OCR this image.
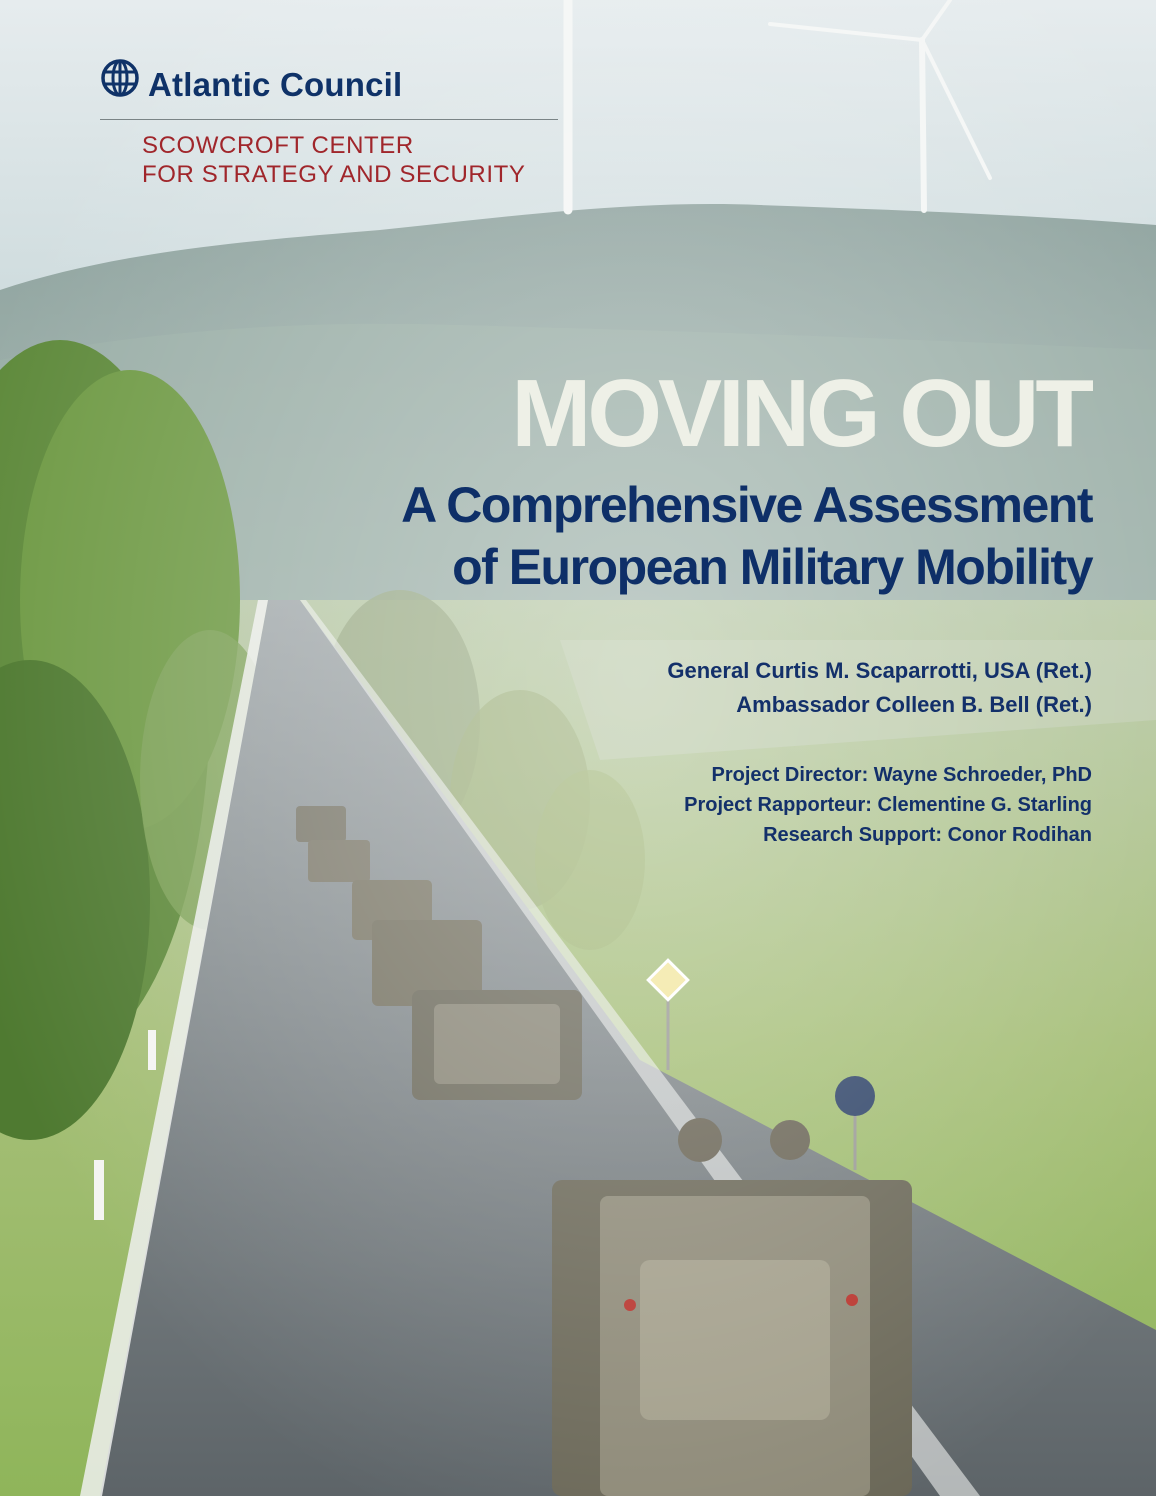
Atlantic Council
SCOWCROFT CENTER
FOR STRATEGY AND SECURITY
MOVING OUT
A Comprehensive Assessment
of European Military Mobility
General Curtis M. Scaparrotti, USA (Ret.)
Ambassador Colleen B. Bell (Ret.)
Project Director: Wayne Schroeder, PhD
Project Rapporteur: Clementine G. Starling
Research Support: Conor Rodihan
